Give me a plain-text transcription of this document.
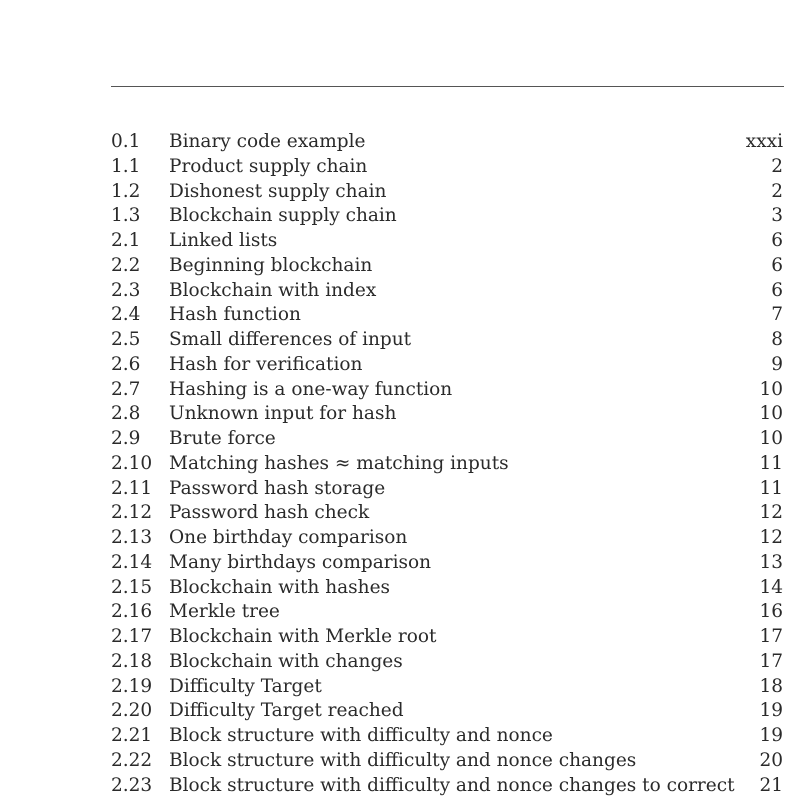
0.1 Binary code example	xxxi
1.1 Product supply chain	2
1.2 Dishonest supply chain	2
1.3 Blockchain supply chain	3
2.1 Linked lists	6
2.2 Beginning blockchain	6
2.3 Blockchain with index	6
2.4 Hash function	7
2.5 Small differences of input	8
2.6 Hash for verification	9
2.7 Hashing is a one-way function	10
2.8 Unknown input for hash	10
2.9 Brute force	10
2.10 Matching hashes ≈ matching inputs	11
2.11 Password hash storage	11
2.12 Password hash check	12
2.13 One birthday comparison	12
2.14 Many birthdays comparison	13
2.15 Blockchain with hashes	14
2.16 Merkle tree	16
2.17 Blockchain with Merkle root	17
2.18 Blockchain with changes	17
2.19 Difficulty Target	18
2.20 Difficulty Target reached	19
2.21 Block structure with difficulty and nonce	19
2.22 Block structure with difficulty and nonce changes	20
2.23 Block structure with difficulty and nonce changes to correct 21
